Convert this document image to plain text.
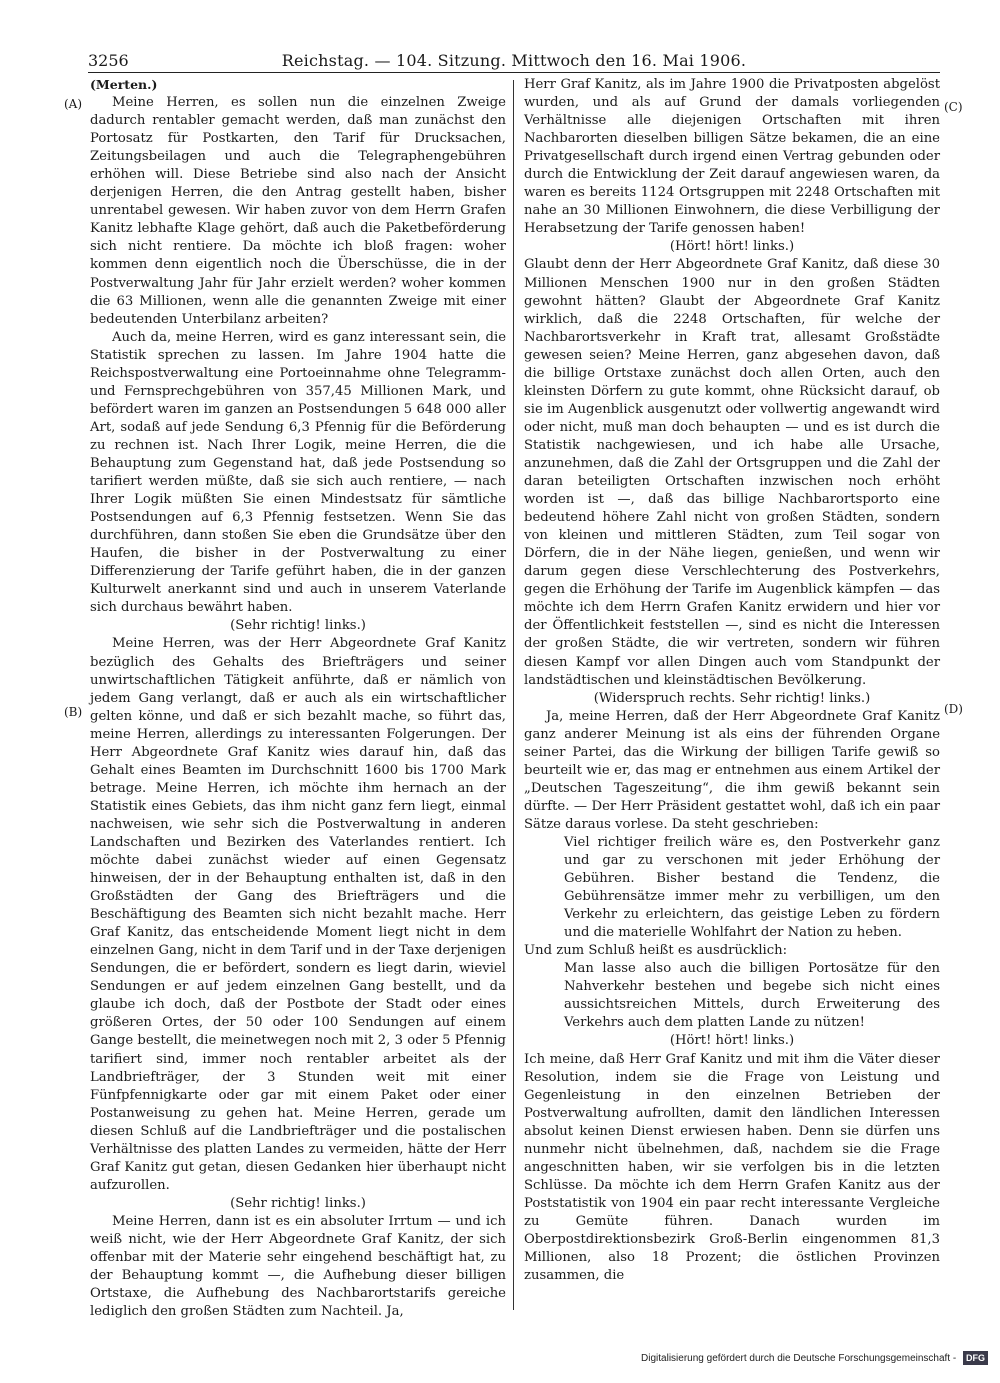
3256	Reichstag. — 104. Sitzung. Mittwoch den 16. Mai 1906.
(A)
(B)
(C)
(D)
(Merten.)

Meine Herren, es sollen nun die einzelnen Zweige dadurch rentabler gemacht werden, daß man zunächst den Portosatz für Postkarten, den Tarif für Drucksachen, Zeitungsbeilagen und auch die Telegraphengebühren erhöhen will. Diese Betriebe sind also nach der Ansicht derjenigen Herren, die den Antrag gestellt haben, bisher unrentabel gewesen. Wir haben zuvor von dem Herrn Grafen Kanitz lebhafte Klage gehört, daß auch die Paketbeförderung sich nicht rentiere. Da möchte ich bloß fragen: woher kommen denn eigentlich noch die Überschüsse, die in der Postverwaltung Jahr für Jahr erzielt werden? woher kommen die 63 Millionen, wenn alle die genannten Zweige mit einer bedeutenden Unterbilanz arbeiten?

Auch da, meine Herren, wird es ganz interessant sein, die Statistik sprechen zu lassen. Im Jahre 1904 hatte die Reichspostverwaltung eine Portoeinnahme ohne Telegramm- und Fernsprechgebühren von 357,45 Millionen Mark, und befördert waren im ganzen an Postsendungen 5 648 000 aller Art, sodaß auf jede Sendung 6,3 Pfennig für die Beförderung zu rechnen ist. Nach Ihrer Logik, meine Herren, die die Behauptung zum Gegenstand hat, daß jede Postsendung so tarifiert werden müßte, daß sie sich auch rentiere, — nach Ihrer Logik müßten Sie einen Mindestsatz für sämtliche Postsendungen auf 6,3 Pfennig festsetzen. Wenn Sie das durchführen, dann stoßen Sie eben die Grundsätze über den Haufen, die bisher in der Postverwaltung zu einer Differenzierung der Tarife geführt haben, die in der ganzen Kulturwelt anerkannt sind und auch in unserem Vaterlande sich durchaus bewährt haben.

(Sehr richtig! links.)

Meine Herren, was der Herr Abgeordnete Graf Kanitz bezüglich des Gehalts des Briefträgers und seiner unwirtschaftlichen Tätigkeit anführte, daß er nämlich von jedem Gang verlangt, daß er auch als ein wirtschaftlicher gelten könne, und daß er sich bezahlt mache, so führt das, meine Herren, allerdings zu interessanten Folgerungen. Der Herr Abgeordnete Graf Kanitz wies darauf hin, daß das Gehalt eines Beamten im Durchschnitt 1600 bis 1700 Mark betrage. Meine Herren, ich möchte ihm hernach an der Statistik eines Gebiets, das ihm nicht ganz fern liegt, einmal nachweisen, wie sehr sich die Postverwaltung in anderen Landschaften und Bezirken des Vaterlandes rentiert. Ich möchte dabei zunächst wieder auf einen Gegensatz hinweisen, der in der Behauptung enthalten ist, daß in den Großstädten der Gang des Briefträgers und die Beschäftigung des Beamten sich nicht bezahlt mache. Herr Graf Kanitz, das entscheidende Moment liegt nicht in dem einzelnen Gang, nicht in dem Tarif und in der Taxe derjenigen Sendungen, die er befördert, sondern es liegt darin, wieviel Sendungen er auf jedem einzelnen Gang bestellt, und da glaube ich doch, daß der Postbote der Stadt oder eines größeren Ortes, der 50 oder 100 Sendungen auf einem Gange bestellt, die meinetwegen noch mit 2, 3 oder 5 Pfennig tarifiert sind, immer noch rentabler arbeitet als der Landbriefträger, der 3 Stunden weit mit einer Fünfpfennigkarte oder gar mit einem Paket oder einer Postanweisung zu gehen hat. Meine Herren, gerade um diesen Schluß auf die Landbriefträger und die postalischen Verhältnisse des platten Landes zu vermeiden, hätte der Herr Graf Kanitz gut getan, diesen Gedanken hier überhaupt nicht aufzurollen.

(Sehr richtig! links.)

Meine Herren, dann ist es ein absoluter Irrtum — und ich weiß nicht, wie der Herr Abgeordnete Graf Kanitz, der sich offenbar mit der Materie sehr eingehend beschäftigt hat, zu der Behauptung kommt —, die Aufhebung dieser billigen Ortstaxe, die Aufhebung des Nachbarortstarifs gereiche lediglich den großen Städten zum Nachteil. Ja,

Herr Graf Kanitz, als im Jahre 1900 die Privatposten abgelöst wurden, und als auf Grund der damals vorliegenden Verhältnisse alle diejenigen Ortschaften mit ihren Nachbarorten dieselben billigen Sätze bekamen, die an eine Privatgesellschaft durch irgend einen Vertrag gebunden oder durch die Entwicklung der Zeit darauf angewiesen waren, da waren es bereits 1124 Ortsgruppen mit 2248 Ortschaften mit nahe an 30 Millionen Einwohnern, die diese Verbilligung der Herabsetzung der Tarife genossen haben!

(Hört! hört! links.)

Glaubt denn der Herr Abgeordnete Graf Kanitz, daß diese 30 Millionen Menschen 1900 nur in den großen Städten gewohnt hätten? Glaubt der Abgeordnete Graf Kanitz wirklich, daß die 2248 Ortschaften, für welche der Nachbarortsverkehr in Kraft trat, allesamt Großstädte gewesen seien? Meine Herren, ganz abgesehen davon, daß die billige Ortstaxe zunächst doch allen Orten, auch den kleinsten Dörfern zu gute kommt, ohne Rücksicht darauf, ob sie im Augenblick ausgenutzt oder vollwertig angewandt wird oder nicht, muß man doch behaupten — und es ist durch die Statistik nachgewiesen, und ich habe alle Ursache, anzunehmen, daß die Zahl der Ortsgruppen und die Zahl der daran beteiligten Ortschaften inzwischen noch erhöht worden ist —, daß das billige Nachbarortsporto eine bedeutend höhere Zahl nicht von großen Städten, sondern von kleinen und mittleren Städten, zum Teil sogar von Dörfern, die in der Nähe liegen, genießen, und wenn wir darum gegen diese Verschlechterung des Postverkehrs, gegen die Erhöhung der Tarife im Augenblick kämpfen — das möchte ich dem Herrn Grafen Kanitz erwidern und hier vor der Öffentlichkeit feststellen —, sind es nicht die Interessen der großen Städte, die wir vertreten, sondern wir führen diesen Kampf vor allen Dingen auch vom Standpunkt der landstädtischen und kleinstädtischen Bevölkerung.

(Widerspruch rechts. Sehr richtig! links.)

Ja, meine Herren, daß der Herr Abgeordnete Graf Kanitz ganz anderer Meinung ist als eins der führenden Organe seiner Partei, das die Wirkung der billigen Tarife gewiß so beurteilt wie er, das mag er entnehmen aus einem Artikel der „Deutschen Tageszeitung“, die ihm gewiß bekannt sein dürfte. — Der Herr Präsident gestattet wohl, daß ich ein paar Sätze daraus vorlese. Da steht geschrieben:

Viel richtiger freilich wäre es, den Postverkehr ganz und gar zu verschonen mit jeder Erhöhung der Gebühren. Bisher bestand die Tendenz, die Gebührensätze immer mehr zu verbilligen, um den Verkehr zu erleichtern, das geistige Leben zu fördern und die materielle Wohlfahrt der Nation zu heben.

Und zum Schluß heißt es ausdrücklich:

Man lasse also auch die billigen Portosätze für den Nahverkehr bestehen und begebe sich nicht eines aussichtsreichen Mittels, durch Erweiterung des Verkehrs auch dem platten Lande zu nützen!

(Hört! hört! links.)

Ich meine, daß Herr Graf Kanitz und mit ihm die Väter dieser Resolution, indem sie die Frage von Leistung und Gegenleistung in den einzelnen Betrieben der Postverwaltung aufrollten, damit den ländlichen Interessen absolut keinen Dienst erwiesen haben. Denn sie dürfen uns nunmehr nicht übelnehmen, daß, nachdem sie die Frage angeschnitten haben, wir sie verfolgen bis in die letzten Schlüsse. Da möchte ich dem Herrn Grafen Kanitz aus der Poststatistik von 1904 ein paar recht interessante Vergleiche zu Gemüte führen. Danach wurden im Oberpostdirektionsbezirk Groß-Berlin eingenommen 81,3 Millionen, also 18 Prozent; die östlichen Provinzen zusammen, die

Digitalisierung gefördert durch die Deutsche Forschungsgemeinschaft - DFG
